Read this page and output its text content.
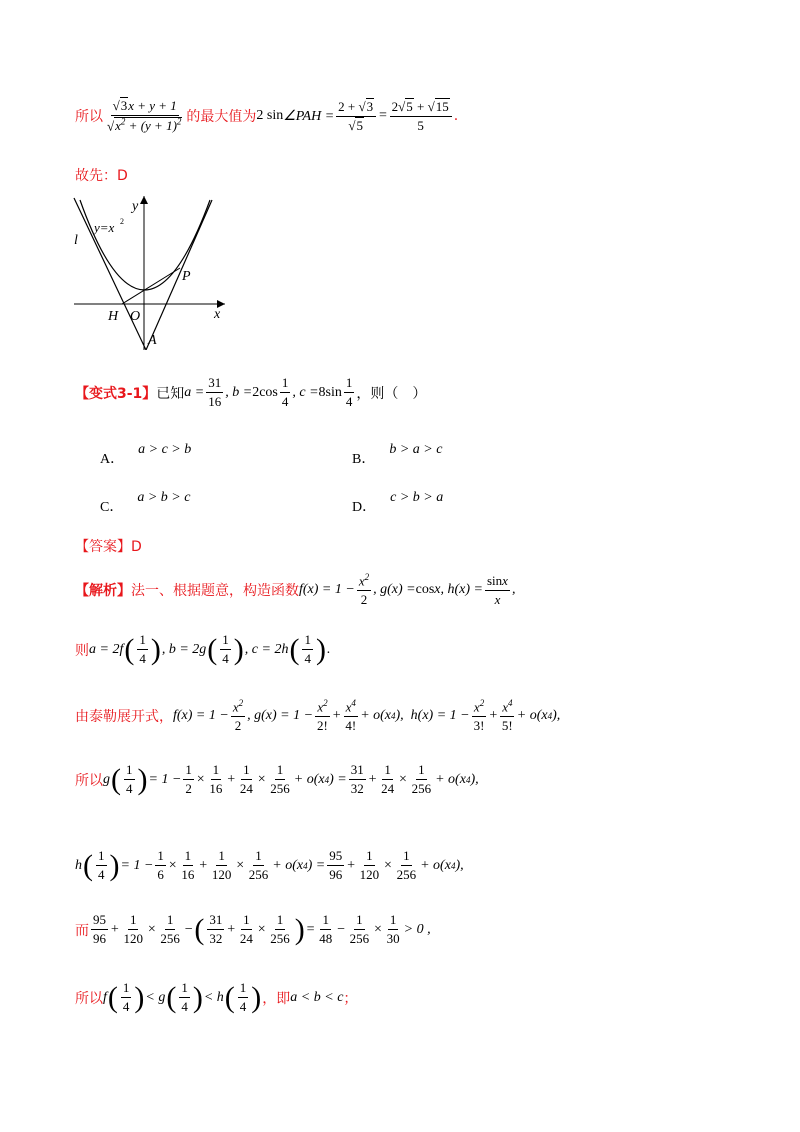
所以 $\frac{√3x + y + 1}{√x^2 + (y + 1)^2}$ 的最大值为 2
sin ∠PAH = $\frac{2 + √3}{√5} = \frac{2√5 + √15}{5}$ .
故先：D
y
x
y=x 2
l
P
H O
A
【变式3-1】 已知 $a = \frac{31}{16}$ , $b = 2\cos \frac{1}{4}$ , $c = 8\sin \frac{1}{4}$ ，则（　）
A．a > c > b
B．b > a > c
C．a > b > c
D．c > b > a
【答案】D
【解析】 法一、根据题意，构造函数 $f(x) = 1 - \frac{x^2}{2}$ , g(x) = cos x, $h(x) = \frac{\sin x}{x}$ ,
则 a = 2f ( $\frac{1}{4}$ ) , b = 2g ( $\frac{1}{4}$ ) , c = 2h ( $\frac{1}{4}$ ) .
由泰勒展开式， $f(x) = 1 - \frac{x^2}{2}$ , $g(x) = 1 - \frac{x^2}{2!} + \frac{x^4}{4!} + o(x$ 4 ),  $h(x) = 1 - \frac{x^2}{3!} + \frac{x^4}{5!} + o(x$ 4 ),
所以 g ( $\frac{1}{4}$ ) = $1 - \frac{1}{2} \times \frac{1}{16} + \frac{1}{24} \times \frac{1}{256} + o(x$ 4 ) = $\frac{31}{32} + \frac{1}{24} \times \frac{1}{256} + o(x$ 4 ),
h ( $\frac{1}{4}$ ) = $1 - \frac{1}{6} \times \frac{1}{16} + \frac{1}{120} \times \frac{1}{256} + o(x$ 4 ) = $\frac{95}{96} + \frac{1}{120} \times \frac{1}{256} + o(x$ 4 ),
而 $\frac{95}{96} + \frac{1}{120} \times \frac{1}{256}$ − ( $\frac{31}{32} + \frac{1}{24} \times \frac{1}{256}$ ) = $\frac{1}{48} - \frac{1}{256} \times \frac{1}{30} > 0$ ,
所以 f ( $\frac{1}{4}$ ) < g ( $\frac{1}{4}$ ) < h ( $\frac{1}{4}$ ) ，即 a < b < c ；
